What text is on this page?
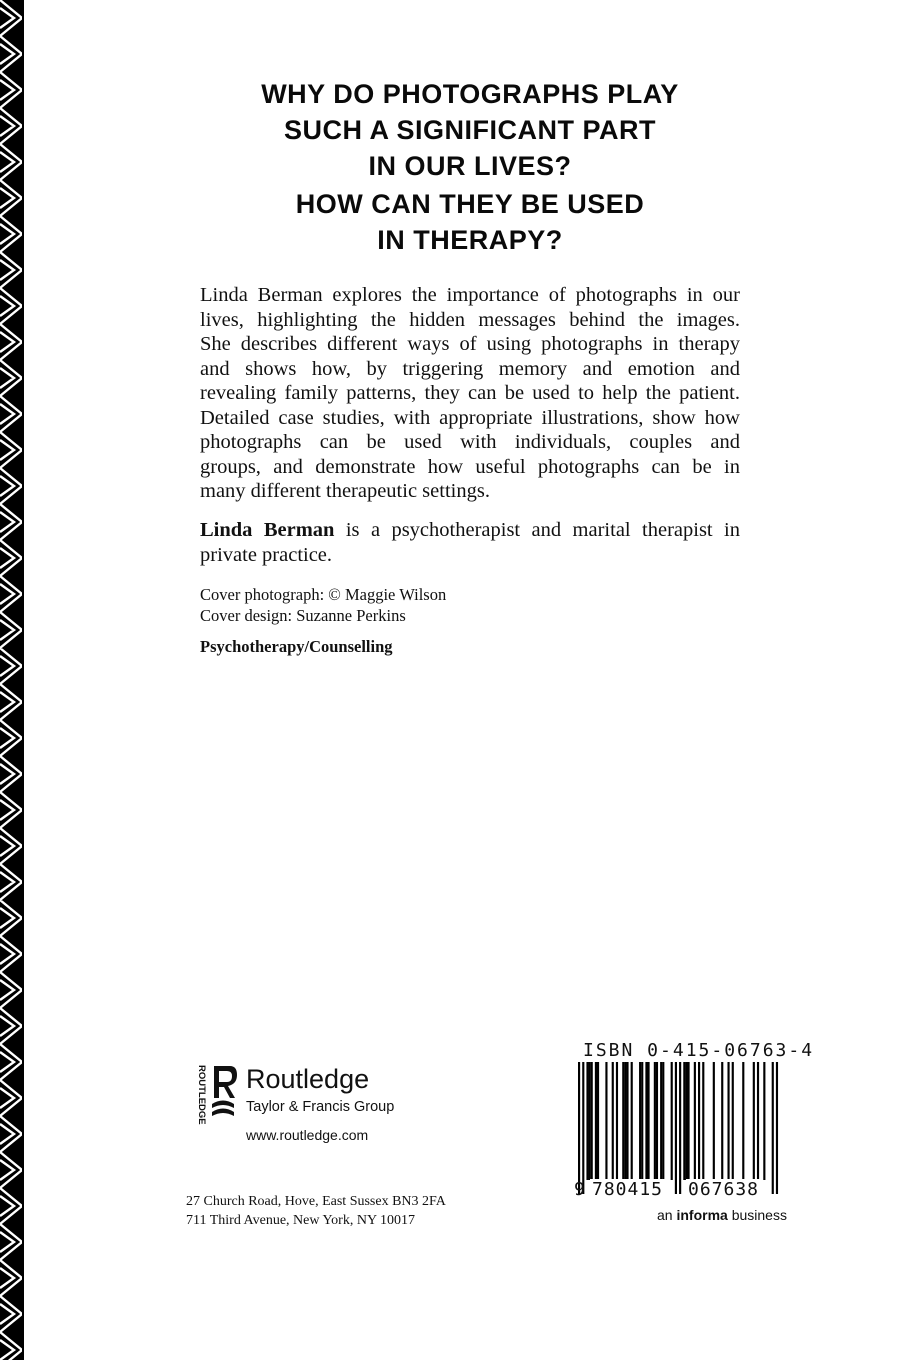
WHY DO PHOTOGRAPHS PLAY
SUCH A SIGNIFICANT PART
IN OUR LIVES?
HOW CAN THEY BE USED
IN THERAPY?

Linda Berman explores the importance of photographs in our
lives, highlighting the hidden messages behind the images.
She describes different ways of using photographs in therapy
and shows how, by triggering memory and emotion and
revealing family patterns, they can be used to help the patient.
Detailed case studies, with appropriate illustrations, show how
photographs can be used with individuals, couples and
groups, and demonstrate how useful photographs can be in
many different therapeutic settings.

Linda Berman is a psychotherapist and marital therapist in
private practice.

Cover photograph: © Maggie Wilson
Cover design: Suzanne Perkins

Psychotherapy/Counselling

ROUTLEDGE Routledge
Taylor & Francis Group
www.routledge.com

27 Church Road, Hove, East Sussex BN3 2FA
711 Third Avenue, New York, NY 10017

ISBN 0-415-06763-4
9 780415 067638
an informa business
